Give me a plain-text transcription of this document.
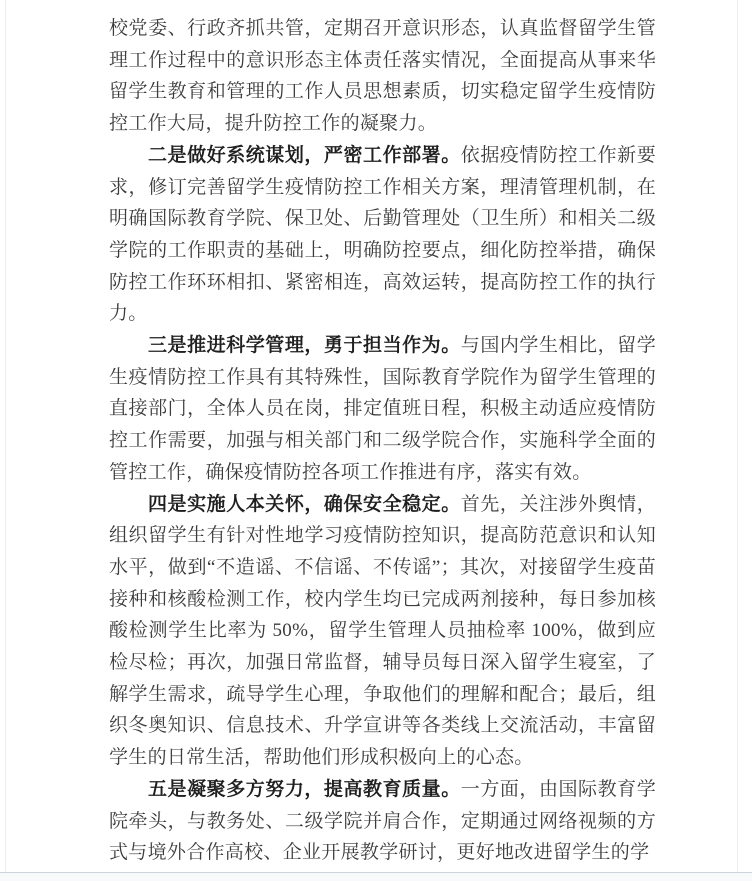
校党委、行政齐抓共管，定期召开意识形态，认真监督留学生管理工作过程中的意识形态主体责任落实情况，全面提高从事来华留学生教育和管理的工作人员思想素质，切实稳定留学生疫情防控工作大局，提升防控工作的凝聚力。

二是做好系统谋划，严密工作部署。依据疫情防控工作新要求，修订完善留学生疫情防控工作相关方案，理清管理机制，在明确国际教育学院、保卫处、后勤管理处（卫生所）和相关二级学院的工作职责的基础上，明确防控要点，细化防控举措，确保防控工作环环相扣、紧密相连，高效运转，提高防控工作的执行力。

三是推进科学管理，勇于担当作为。与国内学生相比，留学生疫情防控工作具有其特殊性，国际教育学院作为留学生管理的直接部门，全体人员在岗，排定值班日程，积极主动适应疫情防控工作需要，加强与相关部门和二级学院合作，实施科学全面的管控工作，确保疫情防控各项工作推进有序，落实有效。

四是实施人本关怀，确保安全稳定。首先，关注涉外舆情，组织留学生有针对性地学习疫情防控知识，提高防范意识和认知水平，做到“不造谣、不信谣、不传谣”；其次，对接留学生疫苗接种和核酸检测工作，校内学生均已完成两剂接种，每日参加核酸检测学生比率为 50%，留学生管理人员抽检率 100%，做到应检尽检；再次，加强日常监督，辅导员每日深入留学生寝室，了解学生需求，疏导学生心理，争取他们的理解和配合；最后，组织冬奥知识、信息技术、升学宣讲等各类线上交流活动，丰富留学生的日常生活，帮助他们形成积极向上的心态。

五是凝聚多方努力，提高教育质量。一方面，由国际教育学院牵头，与教务处、二级学院并肩合作，定期通过网络视频的方式与境外合作高校、企业开展教学研讨，更好地改进留学生的学
